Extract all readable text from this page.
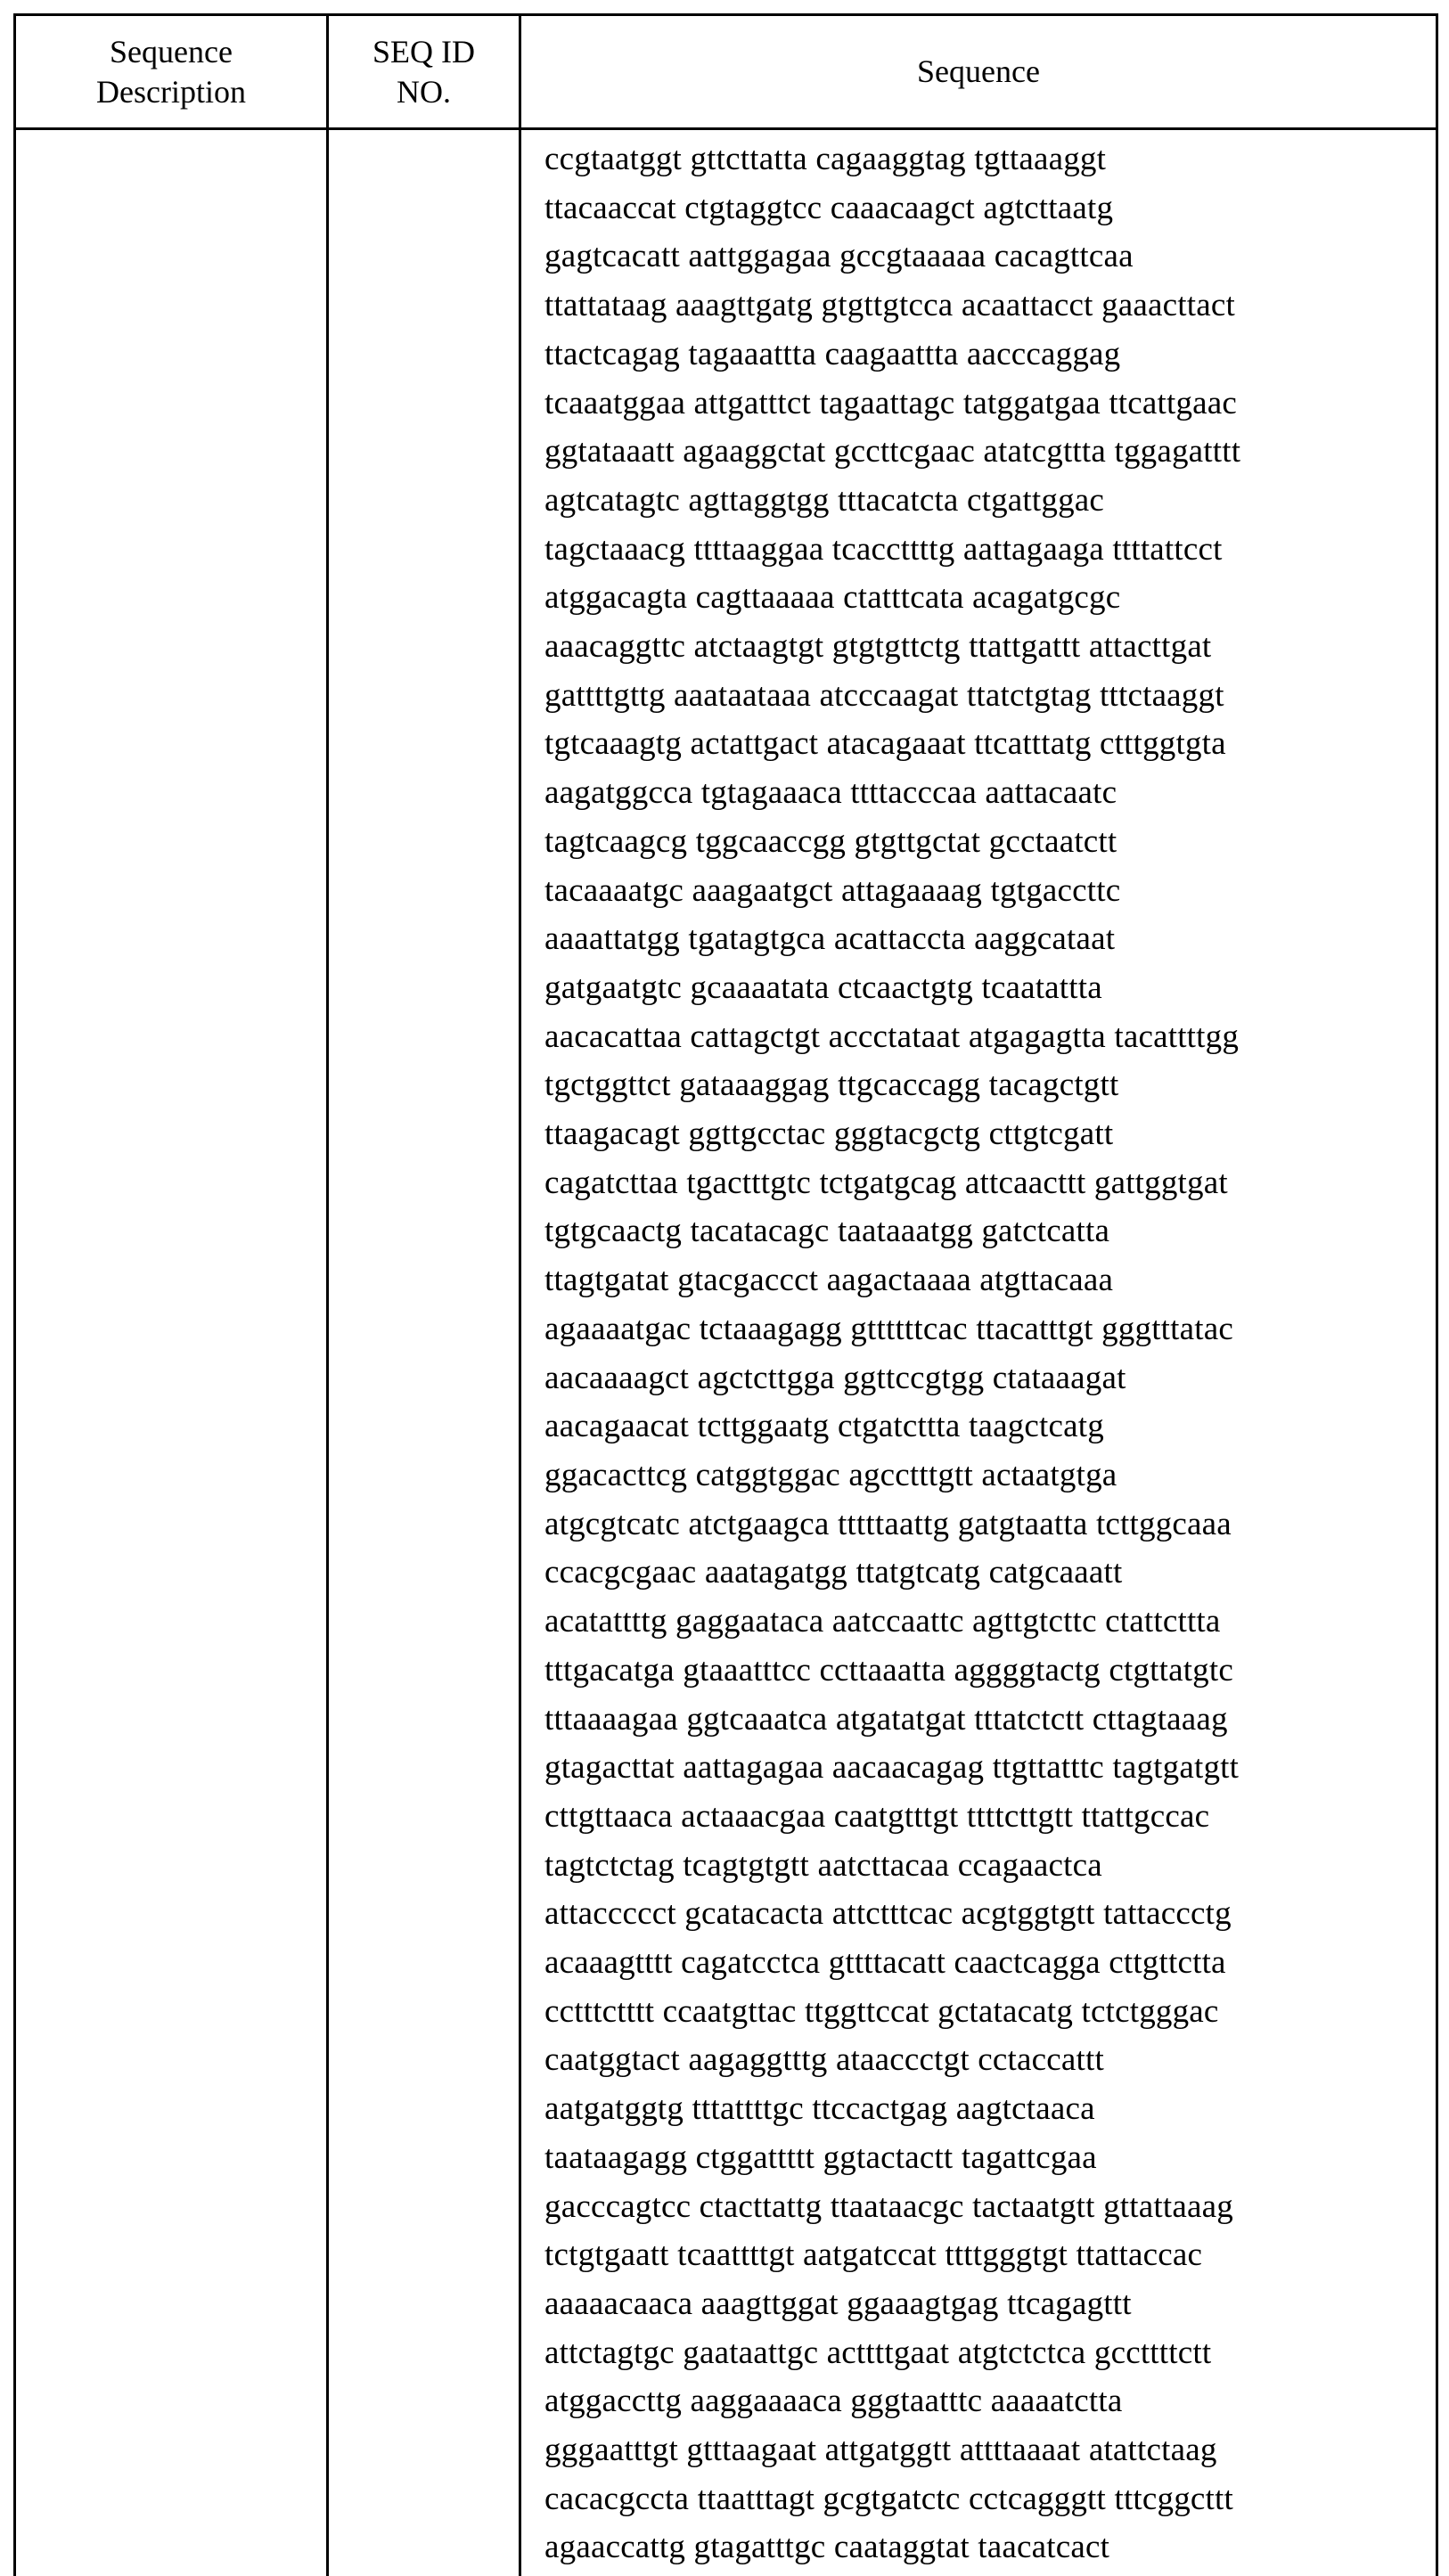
Sequence Description	SEQ ID NO.	Sequence

ccgtaatggt gttcttatta cagaaggtag tgttaaaggt
ttacaaccat ctgtaggtcc caaacaagct agtcttaatg
gagtcacatt aattggagaa gccgtaaaaa cacagttcaa
ttattataag aaagttgatg gtgttgtcca acaattacct gaaacttact
ttactcagag tagaaattta caagaattta aacccaggag
tcaaatggaa attgatttct tagaattagc tatggatgaa ttcattgaac
ggtataaatt agaaggctat gccttcgaac atatcgttta tggagatttt
agtcatagtc agttaggtgg tttacatcta ctgattggac
tagctaaacg ttttaaggaa tcaccttttg aattagaaga ttttattcct
atggacagta cagttaaaaa ctatttcata acagatgcgc
aaacaggttc atctaagtgt gtgtgttctg ttattgattt attacttgat
gattttgttg aaataataaa atcccaagat ttatctgtag tttctaaggt
tgtcaaagtg actattgact atacagaaat ttcatttatg ctttggtgta
aagatggcca tgtagaaaca ttttacccaa aattacaatc
tagtcaagcg tggcaaccgg gtgttgctat gcctaatctt
tacaaaatgc aaagaatgct attagaaaag tgtgaccttc
aaaattatgg tgatagtgca acattaccta aaggcataat
gatgaatgtc gcaaaatata ctcaactgtg tcaatattta
aacacattaa cattagctgt accctataat atgagagtta tacattttgg
tgctggttct gataaaggag ttgcaccagg tacagctgtt
ttaagacagt ggttgcctac gggtacgctg cttgtcgatt
cagatcttaa tgactttgtc tctgatgcag attcaacttt gattggtgat
tgtgcaactg tacatacagc taataaatgg gatctcatta
ttagtgatat gtacgaccct aagactaaaa atgttacaaa
agaaaatgac tctaaagagg gttttttcac ttacatttgt gggtttatac
aacaaaagct agctcttgga ggttccgtgg ctataaagat
aacagaacat tcttggaatg ctgatcttta taagctcatg
ggacacttcg catggtggac agcctttgtt actaatgtga
atgcgtcatc atctgaagca tttttaattg gatgtaatta tcttggcaaa
ccacgcgaac aaatagatgg ttatgtcatg catgcaaatt
acatattttg gaggaataca aatccaattc agttgtcttc ctattcttta
tttgacatga gtaaatttcc ccttaaatta aggggtactg ctgttatgtc
tttaaaagaa ggtcaaatca atgatatgat tttatctctt cttagtaaag
gtagacttat aattagagaa aacaacagag ttgttatttc tagtgatgtt
cttgttaaca actaaacgaa caatgtttgt ttttcttgtt ttattgccac
tagtctctag tcagtgtgtt aatcttacaa ccagaactca
attaccccct gcatacacta attctttcac acgtggtgtt tattaccctg
acaaagtttt cagatcctca gttttacatt caactcagga cttgttctta
cctttctttt ccaatgttac ttggttccat gctatacatg tctctgggac
caatggtact aagaggtttg ataaccctgt cctaccattt
aatgatggtg tttattttgc ttccactgag aagtctaaca
taataagagg ctggattttt ggtactactt tagattcgaa
gacccagtcc ctacttattg ttaataacgc tactaatgtt gttattaaag
tctgtgaatt tcaattttgt aatgatccat ttttgggtgt ttattaccac
aaaaacaaca aaagttggat ggaaagtgag ttcagagttt
attctagtgc gaataattgc acttttgaat atgtctctca gccttttctt
atggaccttg aaggaaaaca gggtaatttc aaaaatctta
gggaatttgt gtttaagaat attgatggtt attttaaaat atattctaag
cacacgccta ttaatttagt gcgtgatctc cctcagggtt tttcggcttt
agaaccattg gtagatttgc caataggtat taacatcact
